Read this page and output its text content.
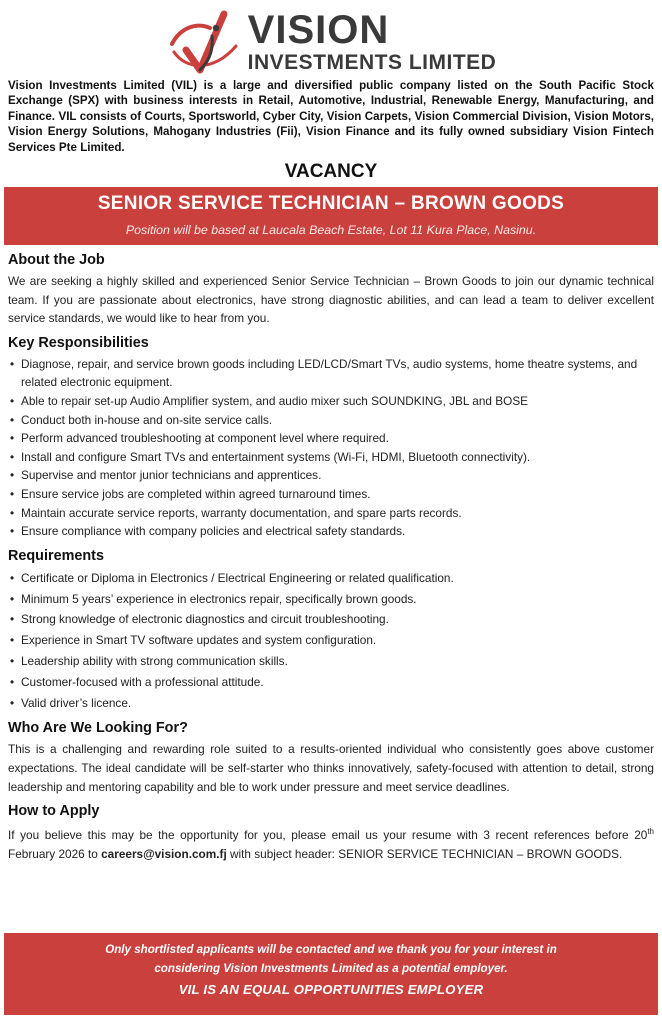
VISION
INVESTMENTS LIMITED
Vision Investments Limited (VIL) is a large and diversified public company listed on the South Pacific Stock Exchange (SPX) with business interests in Retail, Automotive, Industrial, Renewable Energy, Manufacturing, and Finance. VIL consists of Courts, Sportsworld, Cyber City, Vision Carpets, Vision Commercial Division, Vision Motors, Vision Energy Solutions, Mahogany Industries (Fii), Vision Finance and its fully owned subsidiary Vision Fintech Services Pte Limited.
VACANCY
SENIOR SERVICE TECHNICIAN – BROWN GOODS
Position will be based at Laucala Beach Estate, Lot 11 Kura Place, Nasinu.
About the Job

We are seeking a highly skilled and experienced Senior Service Technician – Brown Goods to join our dynamic technical team. If you are passionate about electronics, have strong diagnostic abilities, and can lead a team to deliver excellent service standards, we would like to hear from you.

Key Responsibilities
• Diagnose, repair, and service brown goods including LED/LCD/Smart TVs, audio systems, home theatre systems, and related electronic equipment.
• Able to repair set-up Audio Amplifier system, and audio mixer such SOUNDKING, JBL and BOSE
• Conduct both in-house and on-site service calls.
• Perform advanced troubleshooting at component level where required.
• Install and configure Smart TVs and entertainment systems (Wi-Fi, HDMI, Bluetooth connectivity).
• Supervise and mentor junior technicians and apprentices.
• Ensure service jobs are completed within agreed turnaround times.
• Maintain accurate service reports, warranty documentation, and spare parts records.
• Ensure compliance with company policies and electrical safety standards.
Requirements
• Certificate or Diploma in Electronics / Electrical Engineering or related qualification.
• Minimum 5 years’ experience in electronics repair, specifically brown goods.
• Strong knowledge of electronic diagnostics and circuit troubleshooting.
• Experience in Smart TV software updates and system configuration.
• Leadership ability with strong communication skills.
• Customer-focused with a professional attitude.
• Valid driver’s licence.
Who Are We Looking For?

This is a challenging and rewarding role suited to a results-oriented individual who consistently goes above customer expectations. The ideal candidate will be self-starter who thinks innovatively, safety-focused with attention to detail, strong leadership and mentoring capability and ble to work under pressure and meet service deadlines.

How to Apply

If you believe this may be the opportunity for you, please email us your resume with 3 recent references before 20th February 2026 to careers@vision.com.fj with subject header: SENIOR SERVICE TECHNICIAN – BROWN GOODS.

Only shortlisted applicants will be contacted and we thank you for your interest in
considering Vision Investments Limited as a potential employer.
VIL IS AN EQUAL OPPORTUNITIES EMPLOYER
